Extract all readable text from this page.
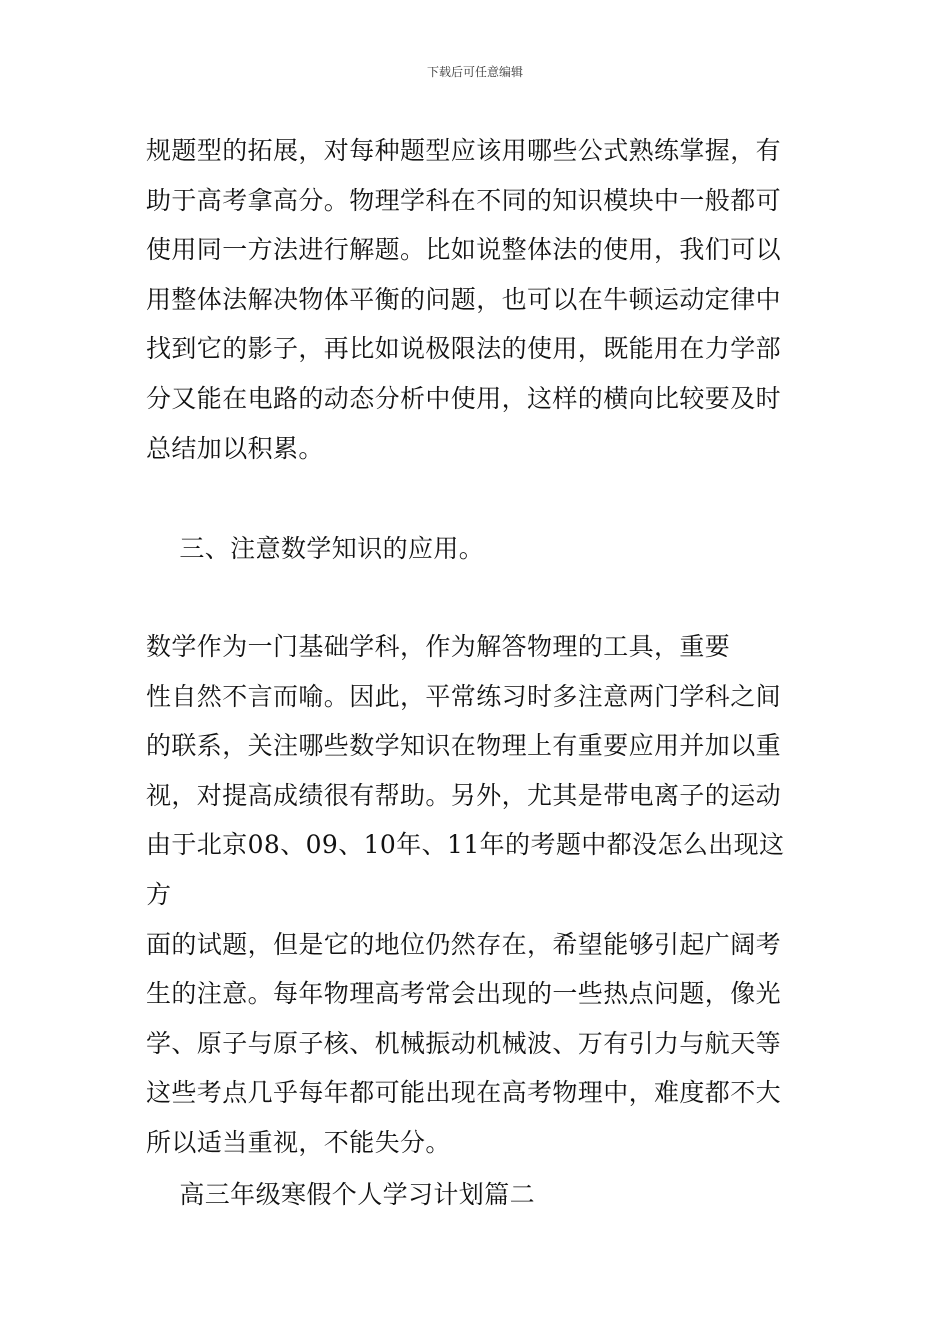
下载后可任意编辑

规题型的拓展，对每种题型应该用哪些公式熟练掌握，有
助于高考拿高分。物理学科在不同的知识模块中一般都可
使用同一方法进行解题。比如说整体法的使用，我们可以
用整体法解决物体平衡的问题，也可以在牛顿运动定律中
找到它的影子，再比如说极限法的使用，既能用在力学部
分又能在电路的动态分析中使用，这样的横向比较要及时
总结加以积累。

三、注意数学知识的应用。

数学作为一门基础学科，作为解答物理的工具，重要
性自然不言而喻。因此，平常练习时多注意两门学科之间
的联系，关注哪些数学知识在物理上有重要应用并加以重
视，对提高成绩很有帮助。另外，尤其是带电离子的运动
由于北京08、09、10年、11年的考题中都没怎么出现这方
面的试题，但是它的地位仍然存在，希望能够引起广阔考
生的注意。每年物理高考常会出现的一些热点问题，像光
学、原子与原子核、机械振动机械波、万有引力与航天等
这些考点几乎每年都可能出现在高考物理中，难度都不大
所以适当重视，不能失分。

高三年级寒假个人学习计划篇二
